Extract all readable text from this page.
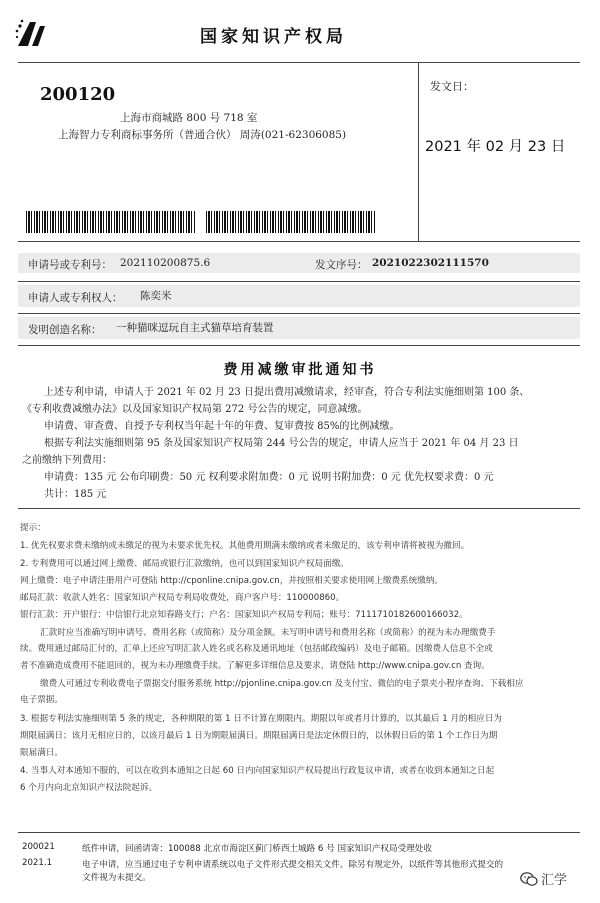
国家知识产权局
200120
上海市商城路 800 号 718 室
上海智力专利商标事务所（普通合伙） 周涛(021-62306085)
发文日：
2021 年 02 月 23 日
申请号或专利号： 202110200875.6	发文序号： 2021022302111570
申请人或专利权人： 陈奕米
发明创造名称： 一种猫咪逗玩自主式猫草培育装置
费用减缴审批通知书
上述专利申请，申请人于 2021 年 02 月 23 日提出费用减缴请求，经审查，符合专利法实施细则第 100 条、
《专利收费减缴办法》以及国家知识产权局第 272 号公告的规定，同意减缴。
申请费、审查费、自授予专利权当年起十年的年费、复审费按 85%的比例减缴。
根据专利法实施细则第 95 条及国家知识产权局第 244 号公告的规定，申请人应当于 2021 年 04 月 23 日
之前缴纳下列费用：
申请费：135 元 公布印刷费：50 元 权利要求附加费：0 元 说明书附加费：0 元 优先权要求费：0 元
共计：185 元
提示：
1. 优先权要求费未缴纳或未缴足的视为未要求优先权。其他费用期满未缴纳或者未缴足的，该专利申请将被视为撤回。
2. 专利费用可以通过网上缴费、邮局或银行汇款缴纳，也可以到国家知识产权局面缴。
网上缴费：电子申请注册用户可登陆 http://cponline.cnipa.gov.cn，并按照相关要求使用网上缴费系统缴纳。
邮局汇款：收款人姓名：国家知识产权局专利局收费处，商户客户号：110000860。
银行汇款：开户银行：中信银行北京知春路支行；户名：国家知识产权局专利局；账号：7111710182600166032。
汇款时应当准确写明申请号、费用名称（或简称）及分项金额。未写明申请号和费用名称（或简称）的视为未办理缴费手
续。费用通过邮局汇付的，汇单上还应写明汇款人姓名或名称及通讯地址（包括邮政编码）及电子邮箱。因缴费人信息不全或
者不准确造成费用不能退回的，视为未办理缴费手续。了解更多详细信息及要求，请登陆 http://www.cnipa.gov.cn 查询。
缴费人可通过专利收费电子票据交付服务系统 http://pjonline.cnipa.gov.cn 及支付宝、微信的电子票夹小程序查询、下载相应
电子票据。
3. 根据专利法实施细则第 5 条的规定，各种期限的第 1 日不计算在期限内。期限以年或者月计算的，以其最后 1 月的相应日为
期限届满日；该月无相应日的，以该月最后 1 日为期限届满日。期限届满日是法定休假日的，以休假日后的第 1 个工作日为期
限届满日。
4. 当事人对本通知不服的，可以在收到本通知之日起 60 日内向国家知识产权局提出行政复议申请，或者在收到本通知之日起
6 个月内向北京知识产权法院起诉。
200021
2021.1
纸件申请，回函请寄：100088 北京市海淀区蓟门桥西土城路 6 号 国家知识产权局受理处收
电子申请，应当通过电子专利申请系统以电子文件形式提交相关文件。除另有规定外，以纸件等其他形式提交的
文件视为未提交。	汇学
